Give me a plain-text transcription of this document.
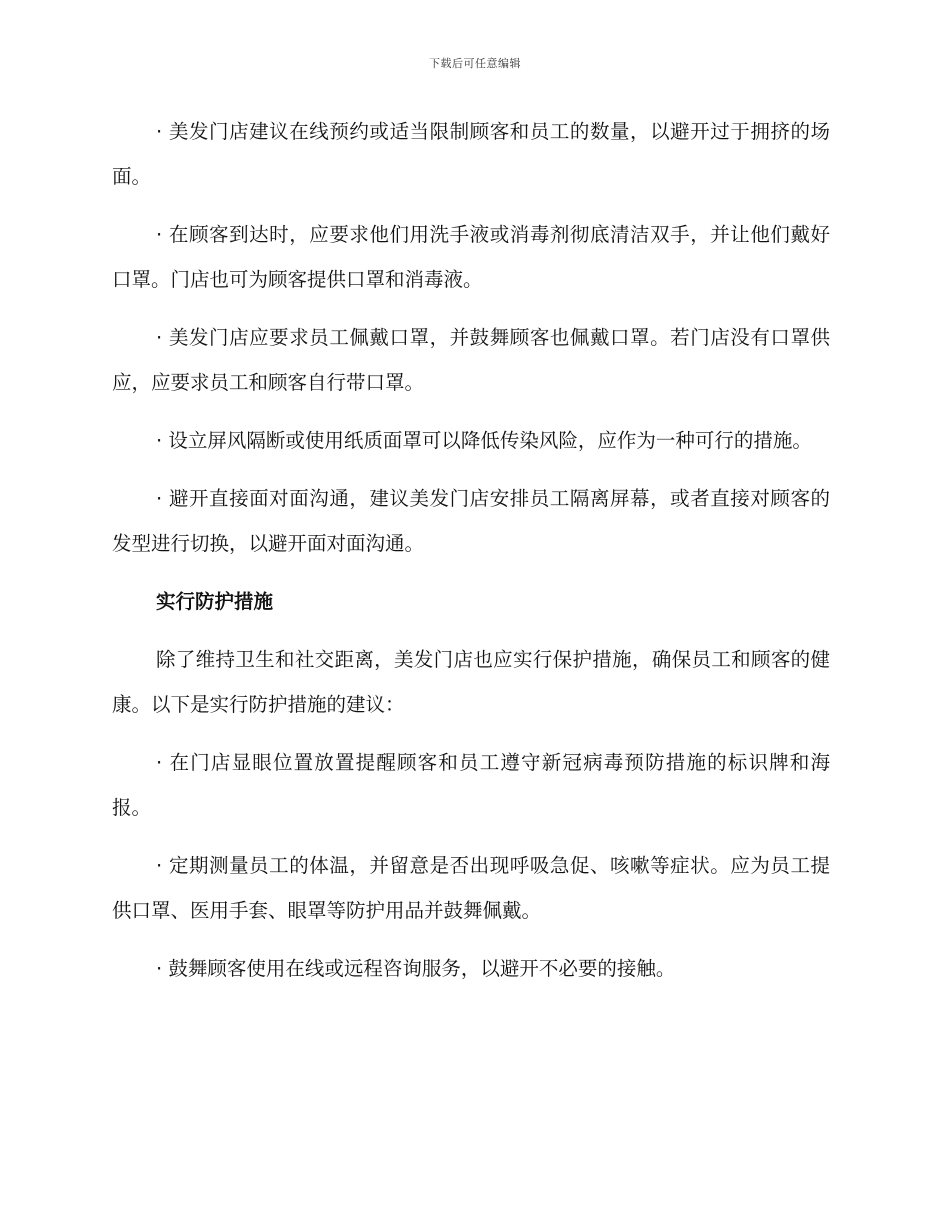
下载后可任意编辑

· 美发门店建议在线预约或适当限制顾客和员工的数量，以避开过于拥挤的场面。

· 在顾客到达时，应要求他们用洗手液或消毒剂彻底清洁双手，并让他们戴好口罩。门店也可为顾客提供口罩和消毒液。

· 美发门店应要求员工佩戴口罩，并鼓舞顾客也佩戴口罩。若门店没有口罩供应，应要求员工和顾客自行带口罩。

· 设立屏风隔断或使用纸质面罩可以降低传染风险，应作为一种可行的措施。

· 避开直接面对面沟通，建议美发门店安排员工隔离屏幕，或者直接对顾客的发型进行切换，以避开面对面沟通。

实行防护措施

除了维持卫生和社交距离，美发门店也应实行保护措施，确保员工和顾客的健康。以下是实行防护措施的建议：

· 在门店显眼位置放置提醒顾客和员工遵守新冠病毒预防措施的标识牌和海报。

· 定期测量员工的体温，并留意是否出现呼吸急促、咳嗽等症状。应为员工提供口罩、医用手套、眼罩等防护用品并鼓舞佩戴。

· 鼓舞顾客使用在线或远程咨询服务，以避开不必要的接触。
